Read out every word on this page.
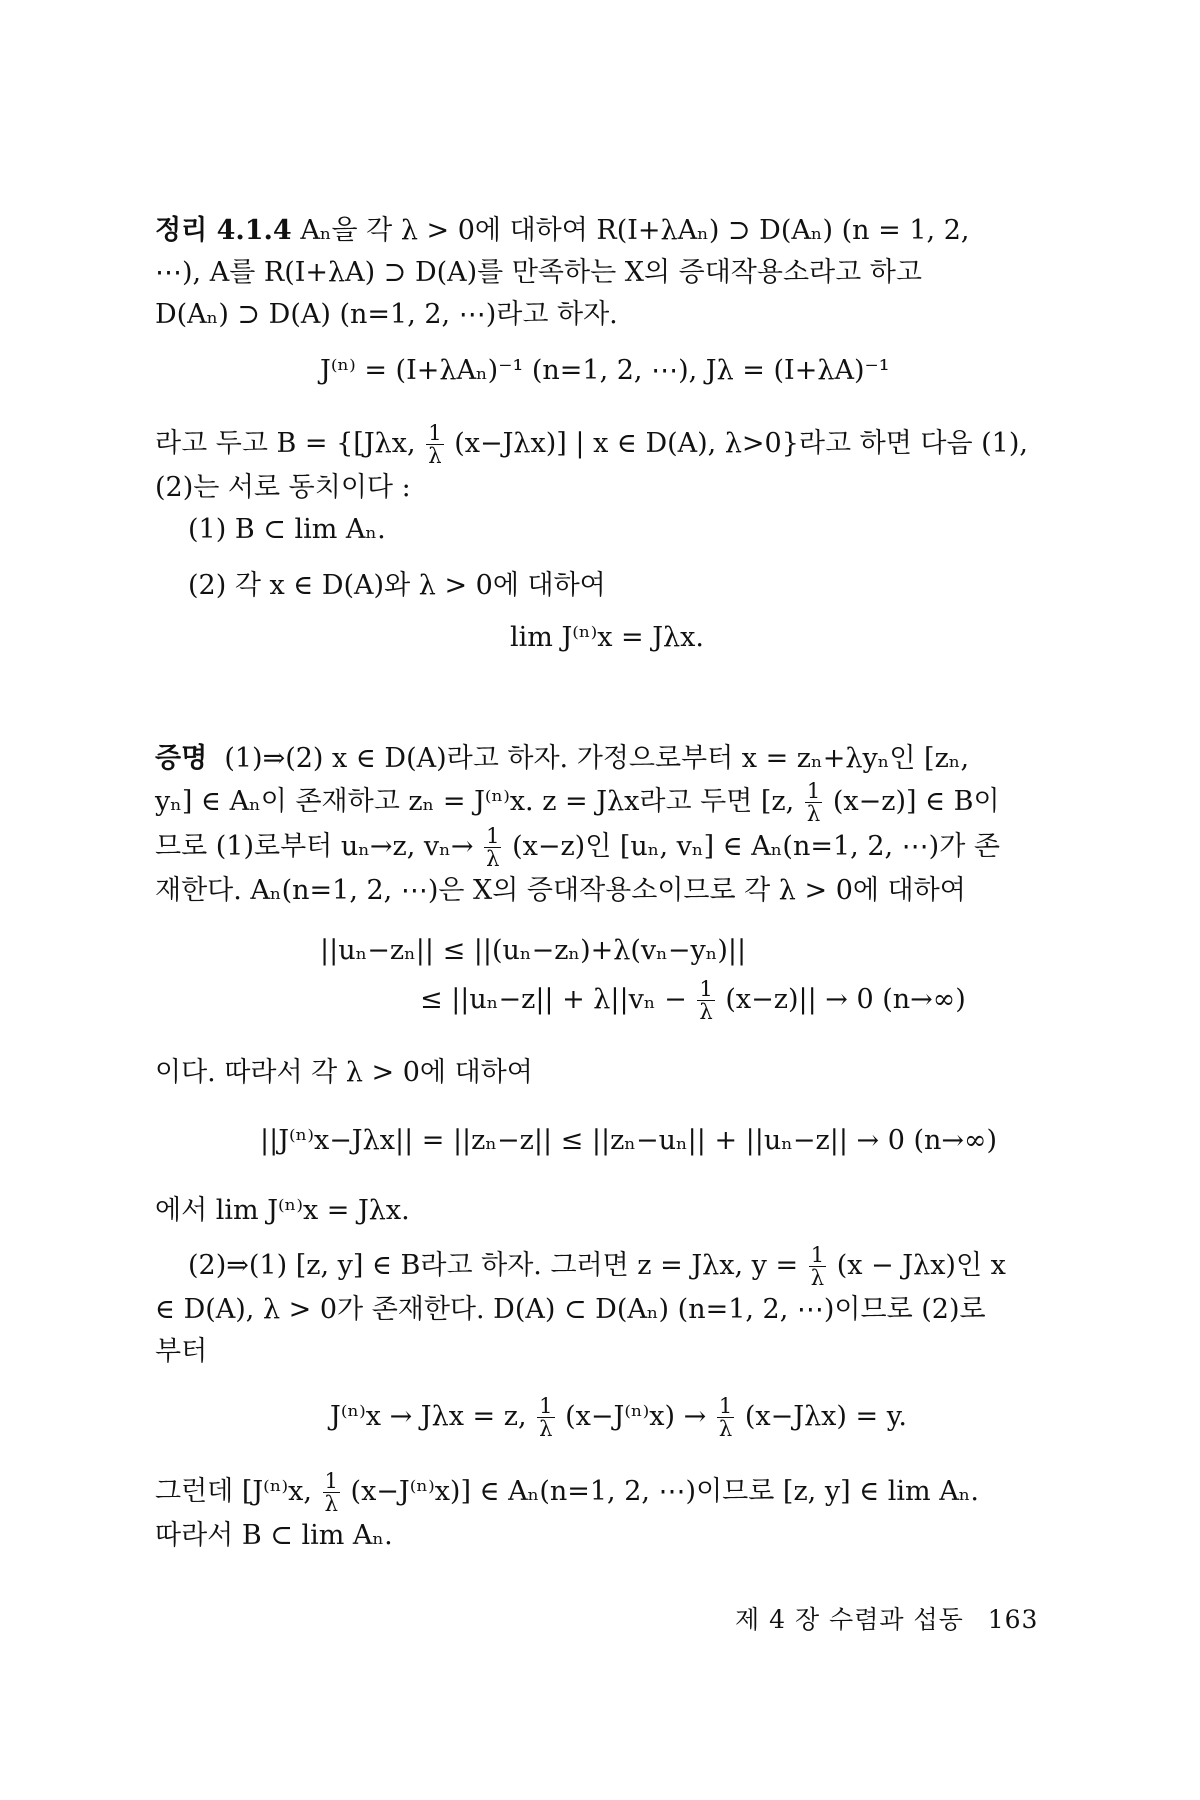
정리 4.1.4 Aₙ을 각 λ > 0에 대하여 R(I+λAₙ) ⊃ D(Aₙ) (n = 1, 2,
⋯), A를 R(I+λA) ⊃ D(A)를 만족하는 X의 증대작용소라고 하고
D(Aₙ) ⊃ D(A) (n=1, 2, ⋯)라고 하자.
J⁽ⁿ⁾ = (I+λAₙ)⁻¹ (n=1, 2, ⋯), Jλ = (I+λA)⁻¹
라고 두고 B = {[Jλx, $\frac{1}{\lambda} (x-J\lambda x)$] | x ∈ D(A), λ>0}라고 하면 다음 (1),
(2)는 서로 동치이다 :
(1) B ⊂ lim Aₙ.
(2) 각 x ∈ D(A)와 λ > 0에 대하여
lim J⁽ⁿ⁾x = Jλx.
증명 (1)⇒(2) x ∈ D(A)라고 하자. 가정으로부터 x = zₙ+λyₙ인 [zₙ,
yₙ] ∈ Aₙ이 존재하고 zₙ = J⁽ⁿ⁾x. z = Jλx라고 두면 [z, $\frac{1}{\lambda} (x-z)$] ∈ B이
므로 (1)로부터 uₙ→z, $v_n\to \frac{1}{\lambda} (x-z)$인 [uₙ, vₙ] ∈ Aₙ(n=1, 2, ⋯)가 존
재한다. Aₙ(n=1, 2, ⋯)은 X의 증대작용소이므로 각 λ > 0에 대하여
||uₙ−zₙ|| ≤ ||(uₙ−zₙ)+λ(vₙ−yₙ)||
≤ $||u_n-z|| + \lambda||v_n - \frac{1}{\lambda} (x-z)|| \to 0$ (n→∞)
이다. 따라서 각 λ > 0에 대하여
||J⁽ⁿ⁾x−Jλx|| = ||zₙ−z|| ≤ ||zₙ−uₙ|| + ||uₙ−z|| → 0 (n→∞)
에서 lim J⁽ⁿ⁾x = Jλx.
(2)⇒(1) [z, y] ∈ B라고 하자. 그러면 z = Jλx, $y = \frac{1}{\lambda} (x - J\lambda x)$인 x
∈ D(A), λ > 0가 존재한다. D(A) ⊂ D(Aₙ) (n=1, 2, ⋯)이므로 (2)로
부터
J⁽ⁿ⁾x → Jλx = z, $\frac{1}{\lambda} (x-J^{(n)}x) \to \frac{1}{\lambda} (x-J\lambda x) = y$.
그런데 [J⁽ⁿ⁾x, $\frac{1}{\lambda} (x-J^{(n)}x)$] ∈ Aₙ(n=1, 2, ⋯)이므로 [z, y] ∈ lim Aₙ.
따라서 B ⊂ lim Aₙ.
제 4 장 수렴과 섭동 163
